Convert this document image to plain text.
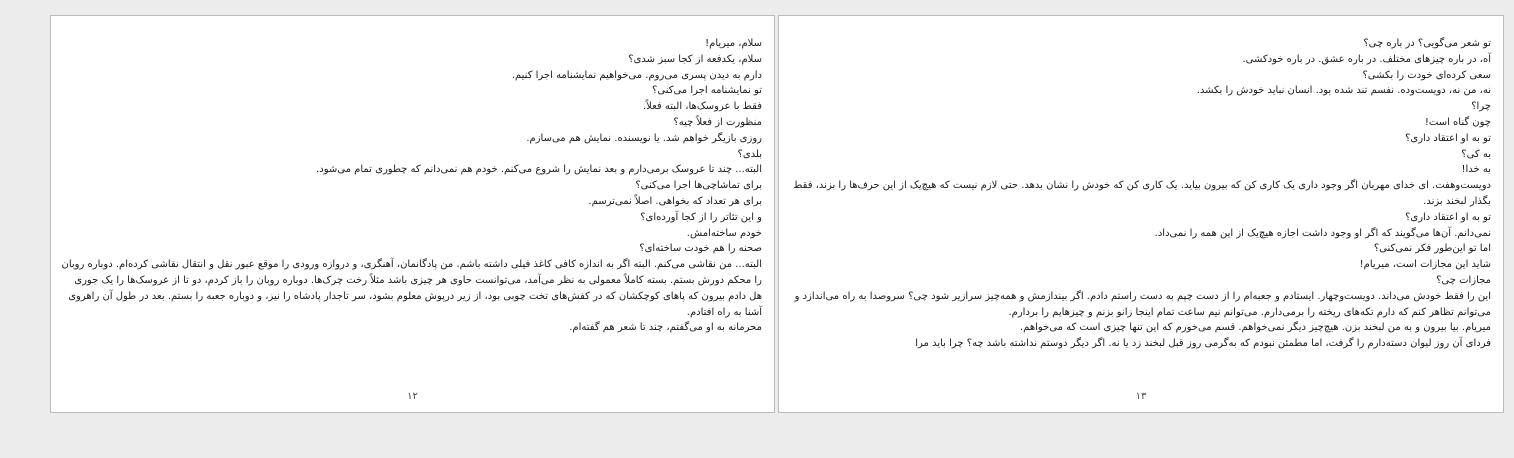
سلام، میریام!
سلام، یکدفعه از کجا سبز شدی؟
دارم به دیدن پسری می‌روم. می‌خواهیم نمایشنامه اجرا کنیم.
تو نمایشنامه اجرا می‌کنی؟
فقط با عروسک‌ها، البته فعلاً.
منظورت از فعلاً چیه؟
روزی بازیگر خواهم شد. یا نویسنده. نمایش هم می‌سازم.
بلدی؟
البته... چند تا عروسک برمی‌دارم و بعد نمایش را شروع می‌کنم. خودم هم نمی‌دانم که چطوری تمام می‌شود.
برای تماشاچی‌ها اجرا می‌کنی؟
برای هر تعداد که بخواهی. اصلاً نمی‌ترسم.
و این تئاتر را از کجا آورده‌ای؟
خودم ساخته‌امش.
صحنه را هم خودت ساخته‌ای؟
البته... من نقاشی می‌کنم. البته اگر به اندازه کافی کاغذ فیلی داشته باشم. من پادگانمان، آهنگری، و دروازه ورودی را موقع عبور نقل و انتقال نقاشی کرده‌ام. دوباره روبان را محکم دورش بستم. بسته کاملاً معمولی به نظر می‌آمد، می‌توانست حاوی هر چیزی باشد مثلاً رخت چرک‌ها. دوباره روبان را باز کردم، دو تا از عروسک‌ها را یک جوری هل دادم بیرون که پاهای کوچکشان که در کفش‌های تخت چوبی بود، از زیر درپوش معلوم بشود، سر تاجدار پادشاه را نیز، و دوباره جعبه را بستم. بعد در طول آن راهروی آشنا به راه افتادم.
محرمانه به او می‌گفتم، چند تا شعر هم گفته‌ام.
۱۲
تو شعر می‌گویی؟ در باره چی؟
آه، در باره چیزهای مختلف. در باره عشق. در باره خودکشی.
سعی کرده‌ای خودت را بکشی؟
نه، من نه، دویست‌وده. نفسم تند شده بود. انسان نباید خودش را بکشد.
چرا؟
چون گناه است!
تو به او اعتقاد داری؟
به کی؟
به خدا!
دویست‌وهفت. ای خدای مهربان اگر وجود داری یک کاری کن که بیرون بیاید. یک کاری کن که خودش را نشان بدهد. حتی لازم نیست که هیچ‌یک از این حرف‌ها را بزند، فقط بگذار لبخند بزند.
تو به او اعتقاد داری؟
نمی‌دانم. آن‌ها می‌گویند که اگر او وجود داشت اجازه هیچ‌یک از این همه را نمی‌داد.
اما تو این‌طور فکر نمی‌کنی؟
شاید این مجازات است، میریام!
مجازات چی؟
این را فقط خودش می‌داند. دویست‌وچهار. ایستادم و جعبه‌ام را از دست چپم به دست راستم دادم. اگر بیندازمش و همه‌چیز سرازیر شود چی؟ سروصدا به راه می‌اندازد و می‌توانم تظاهر کنم که دارم تکه‌های ریخته را برمی‌دارم. می‌توانم نیم ساعت تمام اینجا زانو بزنم و چیزهایم را بردارم.
میریام. بیا بیرون و به من لبخند بزن. هیچ‌چیز دیگر نمی‌خواهم. قسم می‌خورم که این تنها چیزی است که می‌خواهم.
فردای آن روز لیوان دسته‌دارم را گرفت، اما مطمئن نبودم که به‌گرمی روز قبل لبخند زد یا نه. اگر دیگر دوستم نداشته باشد چه؟ چرا باید مرا
۱۳
